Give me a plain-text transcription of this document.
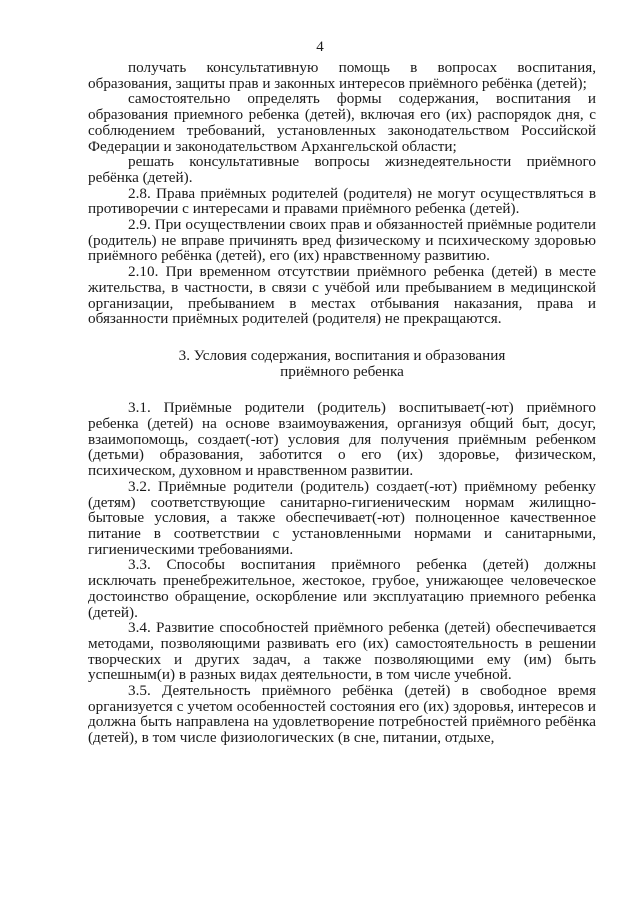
4

получать консультативную помощь в вопросах воспитания, образования, защиты прав и законных интересов приёмного ребёнка (детей);

самостоятельно определять формы содержания, воспитания и образования приемного ребенка (детей), включая его (их) распорядок дня, с соблюдением требований, установленных законодательством Российской Федерации и законодательством Архангельской области;

решать консультативные вопросы жизнедеятельности приёмного ребёнка (детей).

2.8. Права приёмных родителей (родителя) не могут осуществляться в противоречии с интересами и правами приёмного ребенка (детей).

2.9. При осуществлении своих прав и обязанностей приёмные родители (родитель) не вправе причинять вред физическому и психическому здоровью приёмного ребёнка (детей), его (их) нравственному развитию.

2.10. При временном отсутствии приёмного ребенка (детей) в месте жительства, в частности, в связи с учёбой или пребыванием в медицинской организации, пребыванием в местах отбывания наказания, права и обязанности приёмных родителей (родителя) не прекращаются.

3. Условия содержания, воспитания и образования
приёмного ребенка

3.1. Приёмные родители (родитель) воспитывает(-ют) приёмного ребенка (детей) на основе взаимоуважения, организуя общий быт, досуг, взаимопомощь, создает(-ют) условия для получения приёмным ребенком (детьми) образования, заботится о его (их) здоровье, физическом, психическом, духовном и нравственном развитии.

3.2. Приёмные родители (родитель) создает(-ют) приёмному ребенку (детям) соответствующие санитарно-гигиеническим нормам жилищно-бытовые условия, а также обеспечивает(-ют) полноценное качественное питание в соответствии с установленными нормами и санитарными, гигиеническими требованиями.

3.3. Способы воспитания приёмного ребенка (детей) должны исключать пренебрежительное, жестокое, грубое, унижающее человеческое достоинство обращение, оскорбление или эксплуатацию приемного ребенка (детей).

3.4. Развитие способностей приёмного ребенка (детей) обеспечивается методами, позволяющими развивать его (их) самостоятельность в решении творческих и других задач, а также позволяющими ему (им) быть успешным(и) в разных видах деятельности, в том числе учебной.

3.5. Деятельность приёмного ребёнка (детей) в свободное время организуется с учетом особенностей состояния его (их) здоровья, интересов и должна быть направлена на удовлетворение потребностей приёмного ребёнка (детей), в том числе физиологических (в сне, питании, отдыхе,
